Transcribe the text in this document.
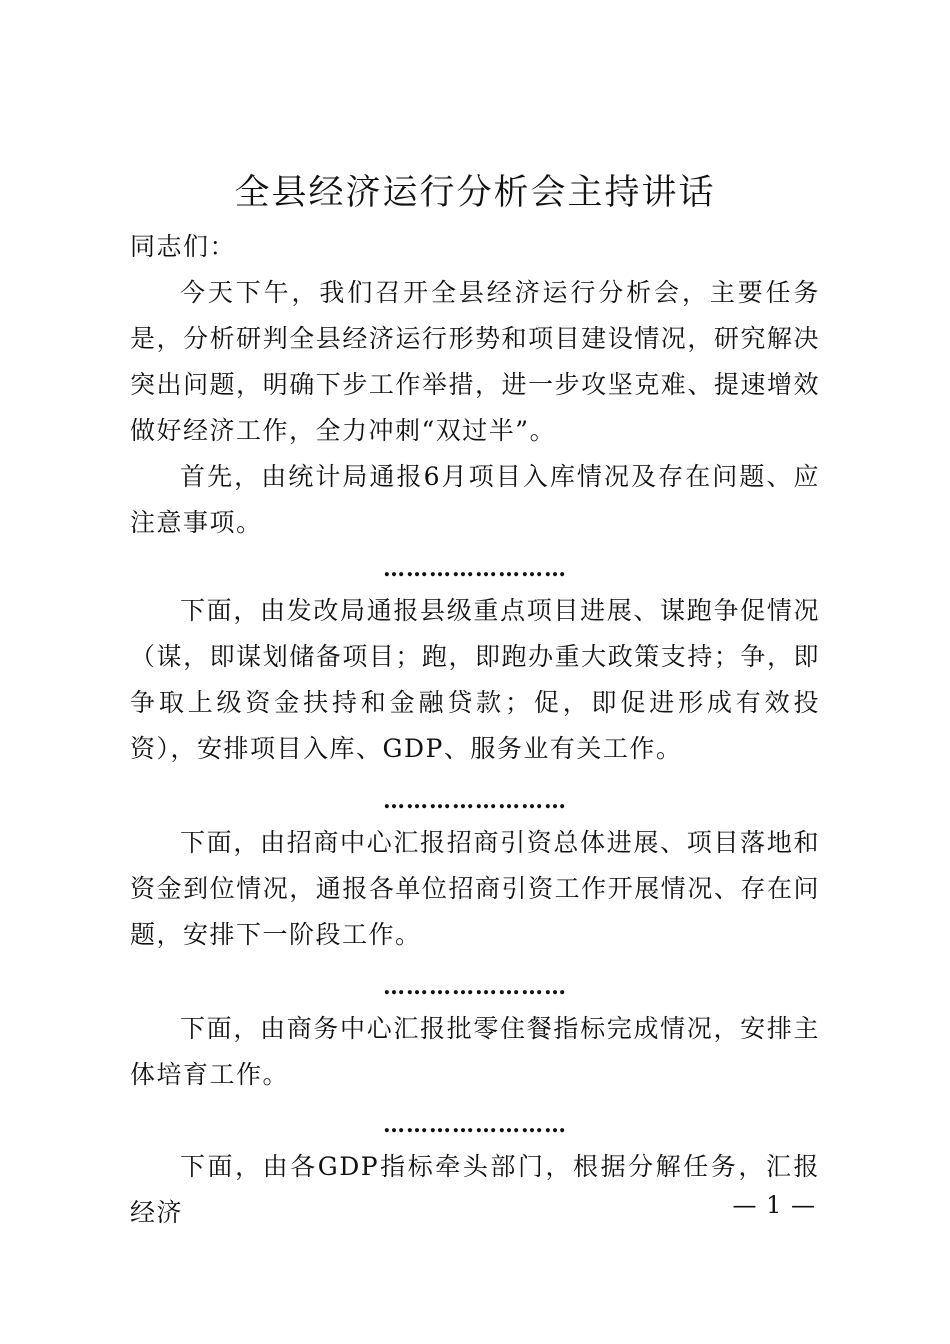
全县经济运行分析会主持讲话

同志们：

今天下午，我们召开全县经济运行分析会，主要任务是，分析研判全县经济运行形势和项目建设情况，研究解决突出问题，明确下步工作举措，进一步攻坚克难、提速增效做好经济工作，全力冲刺“双过半”。

首先，由统计局通报6月项目入库情况及存在问题、应注意事项。

……………………

下面，由发改局通报县级重点项目进展、谋跑争促情况（谋，即谋划储备项目；跑，即跑办重大政策支持；争，即争取上级资金扶持和金融贷款；促，即促进形成有效投资），安排项目入库、GDP、服务业有关工作。

……………………

下面，由招商中心汇报招商引资总体进展、项目落地和资金到位情况，通报各单位招商引资工作开展情况、存在问题，安排下一阶段工作。

……………………

下面，由商务中心汇报批零住餐指标完成情况，安排主体培育工作。

……………………

下面，由各GDP指标牵头部门，根据分解任务，汇报经济	— 1 —
